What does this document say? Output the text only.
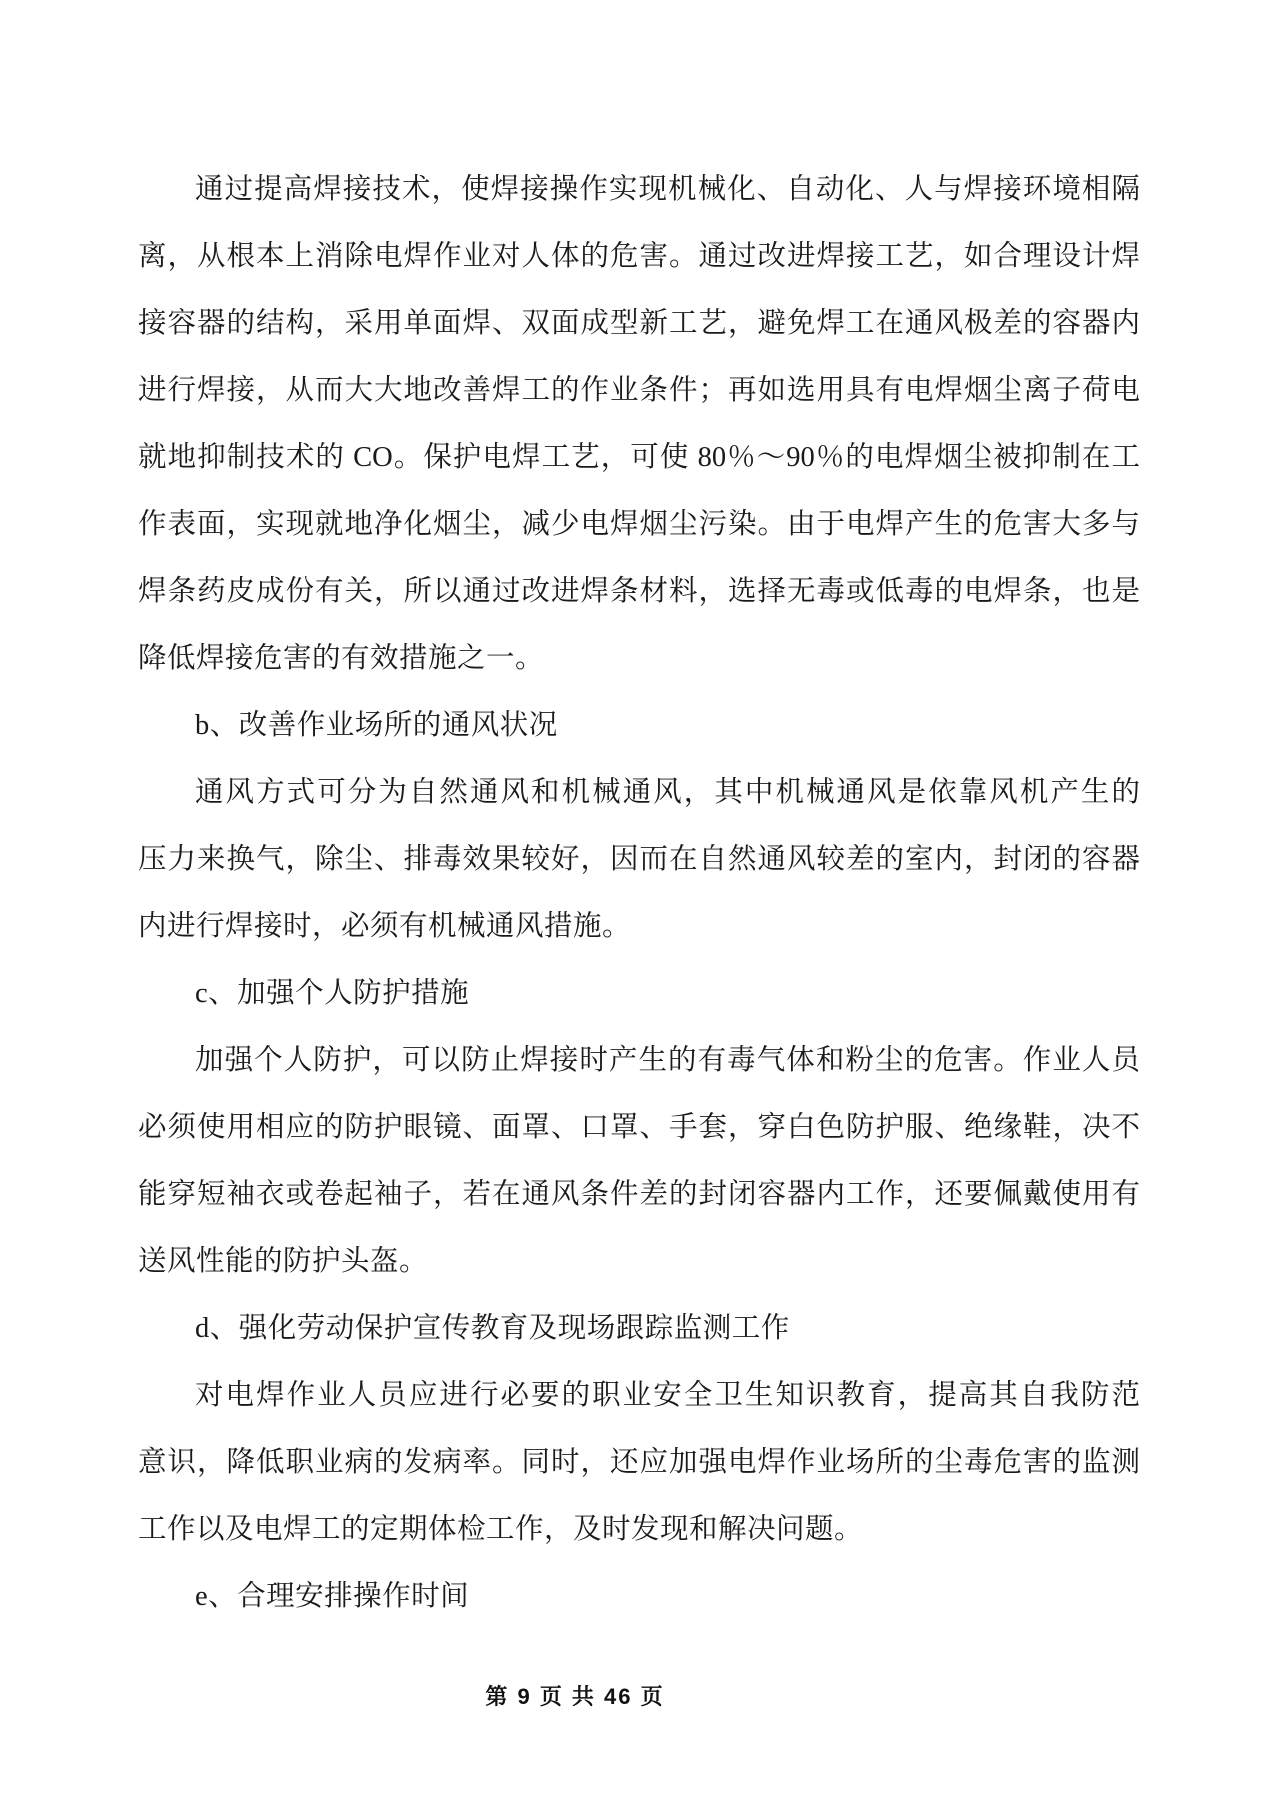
通过提高焊接技术，使焊接操作实现机械化、自动化、人与焊接环境相隔
离，从根本上消除电焊作业对人体的危害。通过改进焊接工艺，如合理设计焊
接容器的结构，采用单面焊、双面成型新工艺，避免焊工在通风极差的容器内
进行焊接，从而大大地改善焊工的作业条件；再如选用具有电焊烟尘离子荷电
就地抑制技术的 CO。保护电焊工艺，可使 80％～90％的电焊烟尘被抑制在工
作表面，实现就地净化烟尘，减少电焊烟尘污染。由于电焊产生的危害大多与
焊条药皮成份有关，所以通过改进焊条材料，选择无毒或低毒的电焊条，也是
降低焊接危害的有效措施之一。
b、改善作业场所的通风状况
通风方式可分为自然通风和机械通风，其中机械通风是依靠风机产生的
压力来换气，除尘、排毒效果较好，因而在自然通风较差的室内，封闭的容器
内进行焊接时，必须有机械通风措施。
c、加强个人防护措施
加强个人防护，可以防止焊接时产生的有毒气体和粉尘的危害。作业人员
必须使用相应的防护眼镜、面罩、口罩、手套，穿白色防护服、绝缘鞋，决不
能穿短袖衣或卷起袖子，若在通风条件差的封闭容器内工作，还要佩戴使用有
送风性能的防护头盔。
d、强化劳动保护宣传教育及现场跟踪监测工作
对电焊作业人员应进行必要的职业安全卫生知识教育，提高其自我防范
意识，降低职业病的发病率。同时，还应加强电焊作业场所的尘毒危害的监测
工作以及电焊工的定期体检工作，及时发现和解决问题。
e、合理安排操作时间
第 9 页 共 46 页
